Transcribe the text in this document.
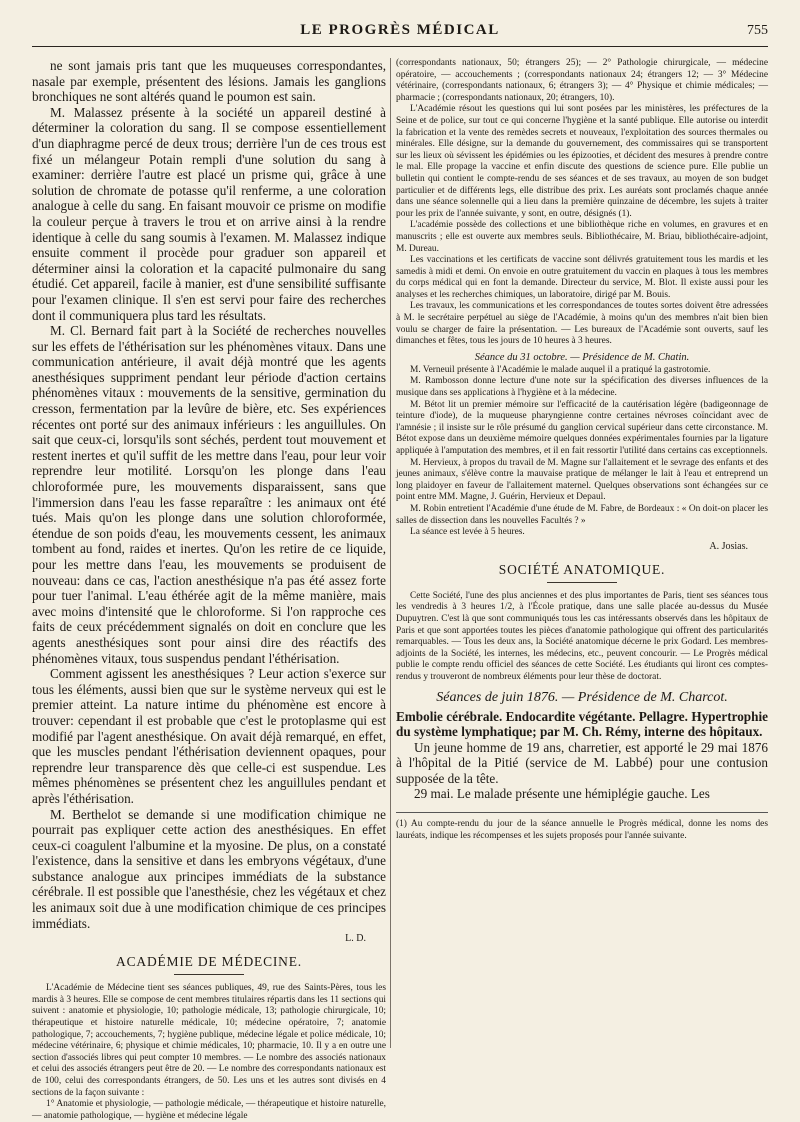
LE PROGRÈS MÉDICAL	755

ne sont jamais pris tant que les muqueuses correspondantes, nasale par exemple, présentent des lésions. Jamais les ganglions bronchiques ne sont altérés quand le poumon est sain.

M. Malassez présente à la société un appareil destiné à déterminer la coloration du sang. Il se compose essentiellement d'un diaphragme percé de deux trous; derrière l'un de ces trous est fixé un mélangeur Potain rempli d'une solution du sang à examiner: derrière l'autre est placé un prisme qui, grâce à une solution de chromate de potasse qu'il renferme, a une coloration analogue à celle du sang. En faisant mouvoir ce prisme on modifie la couleur perçue à travers le trou et on arrive ainsi à la rendre identique à celle du sang soumis à l'examen. M. Malassez indique ensuite comment il procède pour graduer son appareil et déterminer ainsi la coloration et la capacité pulmonaire du sang étudié. Cet appareil, facile à manier, est d'une sensibilité suffisante pour l'examen clinique. Il s'en est servi pour faire des recherches dont il communiquera plus tard les résultats.

M. Cl. Bernard fait part à la Société de recherches nouvelles sur les effets de l'éthérisation sur les phénomènes vitaux. Dans une communication antérieure, il avait déjà montré que les agents anesthésiques suppriment pendant leur période d'action certains phénomènes vitaux : mouvements de la sensitive, germination du cresson, fermentation par la levûre de bière, etc. Ses expériences récentes ont porté sur des animaux inférieurs : les anguillules. On sait que ceux-ci, lorsqu'ils sont séchés, perdent tout mouvement et restent inertes et qu'il suffit de les mettre dans l'eau, pour leur voir reprendre leur motilité. Lorsqu'on les plonge dans l'eau chloroformée pure, les mouvements disparaissent, sans que l'immersion dans l'eau les fasse reparaître : les animaux ont été tués. Mais qu'on les plonge dans une solution chloroformée, étendue de son poids d'eau, les mouvements cessent, les animaux tombent au fond, raides et inertes. Qu'on les retire de ce liquide, pour les mettre dans l'eau, les mouvements se produisent de nouveau: dans ce cas, l'action anesthésique n'a pas été assez forte pour tuer l'animal. L'eau éthérée agit de la même manière, mais avec moins d'intensité que le chloroforme. Si l'on rapproche ces faits de ceux précédemment signalés on doit en conclure que les agents anesthésiques sont pour ainsi dire des réactifs des phénomènes vitaux, tous suspendus pendant l'éthérisation.

Comment agissent les anesthésiques ? Leur action s'exerce sur tous les éléments, aussi bien que sur le système nerveux qui est le premier atteint. La nature intime du phénomène est encore à trouver: cependant il est probable que c'est le protoplasme qui est modifié par l'agent anesthésique. On avait déjà remarqué, en effet, que les muscles pendant l'éthérisation deviennent opaques, pour reprendre leur transparence dès que celle-ci est suspendue. Les mêmes phénomènes se présentent chez les anguillules pendant et après l'éthérisation.

M. Berthelot se demande si une modification chimique ne pourrait pas expliquer cette action des anesthésiques. En effet ceux-ci coagulent l'albumine et la myosine. De plus, on a constaté l'existence, dans la sensitive et dans les embryons végétaux, d'une substance analogue aux principes immédiats de la substance cérébrale. Il est possible que l'anesthésie, chez les végétaux et chez les animaux soit due à une modification chimique de ces principes immédiats.

L. D.
ACADÉMIE DE MÉDECINE.

L'Académie de Médecine tient ses séances publiques, 49, rue des Saints-Pères, tous les mardis à 3 heures. Elle se compose de cent membres titulaires répartis dans les 11 sections qui suivent : anatomie et physiologie, 10; pathologie médicale, 13; pathologie chirurgicale, 10; thérapeutique et histoire naturelle médicale, 10; médecine opératoire, 7; anatomie pathologique, 7; accouchements, 7; hygiène publique, médecine légale et police médicale, 10; médecine vétérinaire, 6; physique et chimie médicales, 10; pharmacie, 10. Il y a en outre une section d'associés libres qui peut compter 10 membres. — Le nombre des associés nationaux et celui des associés étrangers peut être de 20. — Le nombre des correspondants nationaux est de 100, celui des correspondants étrangers, de 50. Les uns et les autres sont divisés en 4 sections de la façon suivante :

1° Anatomie et physiologie, — pathologie médicale, — thérapeutique et histoire naturelle, — anatomie pathologique, — hygiène et médecine légale

(correspondants nationaux, 50; étrangers 25); — 2° Pathologie chirurgicale, — médecine opératoire, — accouchements ; (correspondants nationaux 24; étrangers 12; — 3° Médecine vétérinaire, (correspondants nationaux, 6; étrangers 3); — 4° Physique et chimie médicales; — pharmacie ; (correspondants nationaux, 20; étrangers, 10).

L'Académie résout les questions qui lui sont posées par les ministères, les préfectures de la Seine et de police, sur tout ce qui concerne l'hygiène et la santé publique. Elle autorise ou interdit la fabrication et la vente des remèdes secrets et nouveaux, l'exploitation des sources thermales ou minérales. Elle désigne, sur la demande du gouvernement, des commissaires qui se transportent sur les lieux où sévissent les épidémies ou les épizooties, et décident des mesures à prendre contre le mal. Elle propage la vaccine et enfin discute des questions de science pure. Elle publie un bulletin qui contient le compte-rendu de ses séances et de ses travaux, au moyen de son budget particulier et de différents legs, elle distribue des prix. Les auréats sont proclamés chaque année dans une séance solennelle qui a lieu dans la première quinzaine de décembre, les sujets à traiter pour les prix de l'année suivante, y sont, en outre, désignés (1).

L'académie possède des collections et une bibliothèque riche en volumes, en gravures et en manuscrits ; elle est ouverte aux membres seuls. Bibliothécaire, M. Briau, bibliothécaire-adjoint, M. Dureau.

Les vaccinations et les certificats de vaccine sont délivrés gratuitement tous les mardis et les samedis à midi et demi. On envoie en outre gratuitement du vaccin en plaques à tous les membres du corps médical qui en font la demande. Directeur du service, M. Blot. Il existe aussi pour les analyses et les recherches chimiques, un laboratoire, dirigé par M. Bouis.

Les travaux, les communications et les correspondances de toutes sortes doivent être adressées à M. le secrétaire perpétuel au siège de l'Académie, à moins qu'un des membres n'ait bien bien voulu se charger de faire la présentation. — Les bureaux de l'Académie sont ouverts, sauf les dimanches et fêtes, tous les jours de 10 heures à 3 heures.

Séance du 31 octobre. — Présidence de M. Chatin.

M. Verneuil présente à l'Académie le malade auquel il a pratiqué la gastrotomie.

M. Rambosson donne lecture d'une note sur la spécification des diverses influences de la musique dans ses applications à l'hygiène et à la médecine.

M. Bétot lit un premier mémoire sur l'efficacité de la cautérisation légère (badigeonnage de teinture d'iode), de la muqueuse pharyngienne contre certaines névroses coïncidant avec de l'amnésie ; il insiste sur le rôle présumé du ganglion cervical supérieur dans cette circonstance. M. Bétot expose dans un deuxième mémoire quelques données expérimentales fournies par la ligature appliquée à l'amputation des membres, et il en fait ressortir l'utilité dans certains cas exceptionnels.

M. Hervieux, à propos du travail de M. Magne sur l'allaitement et le sevrage des enfants et des jeunes animaux, s'élève contre la mauvaise pratique de mélanger le lait à l'eau et entreprend un long plaidoyer en faveur de l'allaitement maternel. Quelques observations sont échangées sur ce point entre MM. Magne, J. Guérin, Hervieux et Depaul.

M. Robin entretient l'Académie d'une étude de M. Fabre, de Bordeaux : « On doit-on placer les salles de dissection dans les nouvelles Facultés ? »

La séance est levée à 5 heures.

A. Josias.
SOCIÉTÉ ANATOMIQUE.

Cette Société, l'une des plus anciennes et des plus importantes de Paris, tient ses séances tous les vendredis à 3 heures 1/2, à l'École pratique, dans une salle placée au-dessus du Musée Dupuytren. C'est là que sont communiqués tous les cas intéressants observés dans les hôpitaux de Paris et que sont apportées toutes les pièces d'anatomie pathologique qui offrent des particularités remarquables. — Tous les deux ans, la Société anatomique décerne le prix Godard. Les membres-adjoints de la Société, les internes, les médecins, etc., peuvent concourir. — Le Progrès médical publie le compte rendu officiel des séances de cette Société. Les étudiants qui liront ces comptes-rendus y trouveront de nombreux éléments pour leur thèse de doctorat.

Séances de juin 1876. — Présidence de M. Charcot.

Embolie cérébrale. Endocardite végétante. Pellagre. Hypertrophie du système lymphatique; par M. Ch. Rémy, interne des hôpitaux.

Un jeune homme de 19 ans, charretier, est apporté le 29 mai 1876 à l'hôpital de la Pitié (service de M. Labbé) pour une contusion supposée de la tête.

29 mai. Le malade présente une hémiplégie gauche. Les

(1) Au compte-rendu du jour de la séance annuelle le Progrès médical, donne les noms des lauréats, indique les récompenses et les sujets proposés pour l'année suivante.
